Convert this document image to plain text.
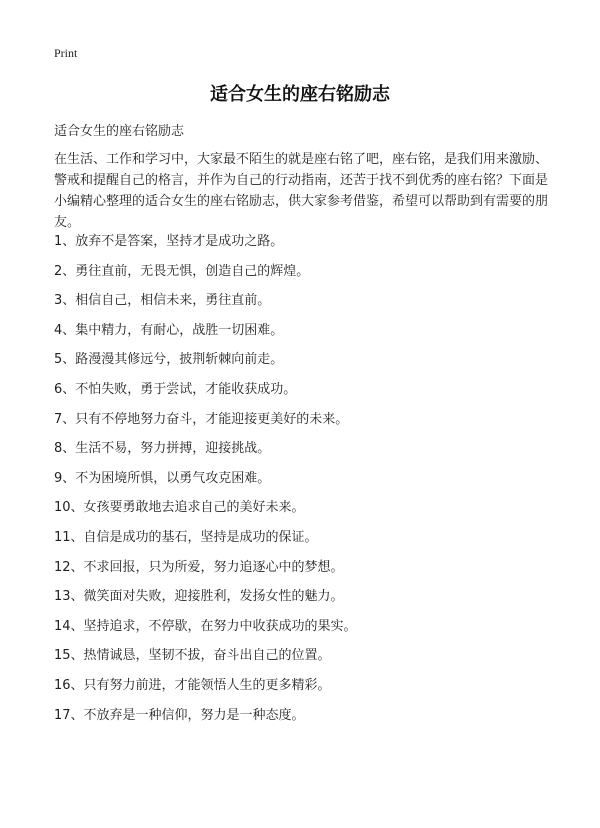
Print
适合女生的座右铭励志
适合女生的座右铭励志

在生活、工作和学习中，大家最不陌生的就是座右铭了吧，座右铭，是我们用来激励、警戒和提醒自己的格言，并作为自己的行动指南，还苦于找不到优秀的座右铭？下面是小编精心整理的适合女生的座右铭励志，供大家参考借鉴，希望可以帮助到有需要的朋友。

1、放弃不是答案，坚持才是成功之路。
2、勇往直前，无畏无惧，创造自己的辉煌。
3、相信自己，相信未来，勇往直前。
4、集中精力，有耐心，战胜一切困难。
5、路漫漫其修远兮，披荆斩棘向前走。
6、不怕失败，勇于尝试，才能收获成功。
7、只有不停地努力奋斗，才能迎接更美好的未来。
8、生活不易，努力拼搏，迎接挑战。
9、不为困境所惧，以勇气攻克困难。
10、女孩要勇敢地去追求自己的美好未来。
11、自信是成功的基石，坚持是成功的保证。
12、不求回报，只为所爱，努力追逐心中的梦想。
13、微笑面对失败，迎接胜利，发扬女性的魅力。
14、坚持追求，不停歇，在努力中收获成功的果实。
15、热情诚恳，坚韧不拔，奋斗出自己的位置。
16、只有努力前进，才能领悟人生的更多精彩。
17、不放弃是一种信仰，努力是一种态度。
